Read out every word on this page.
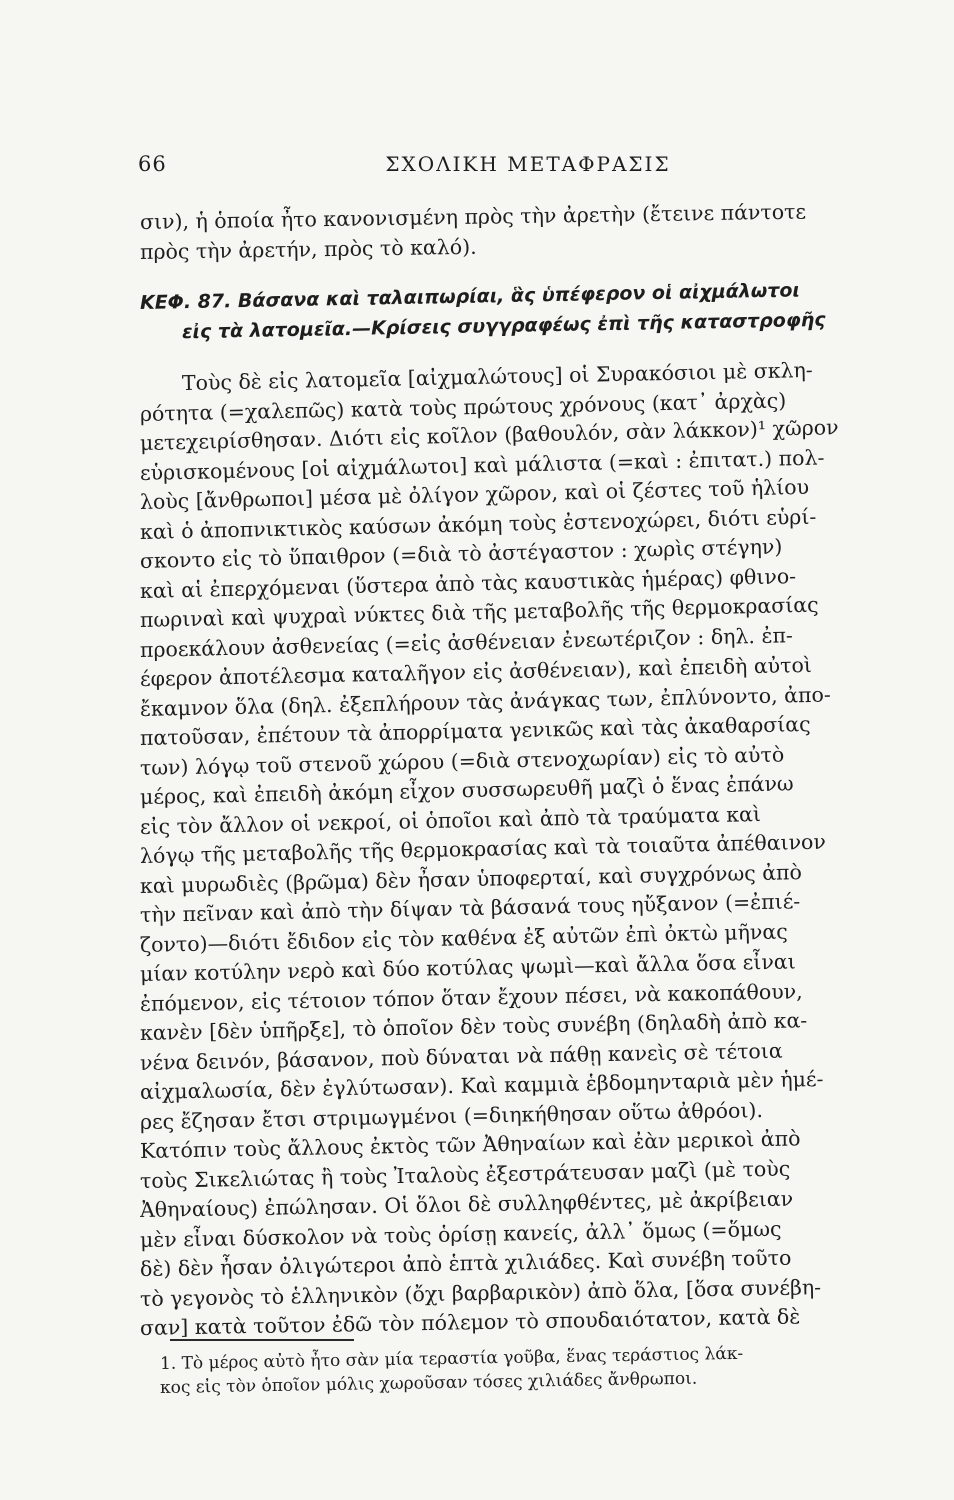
66	ΣΧΟΛΙΚΗ ΜΕΤΑΦΡΑΣΙΣ
σιν), ἡ ὁποία ἦτο κανονισμένη πρὸς τὴν ἀρετὴν (ἔτεινε πάντοτε
πρὸς τὴν ἀρετήν, πρὸς τὸ καλό).
ΚΕΦ. 87. Βάσανα καὶ ταλαιπωρίαι, ἃς ὑπέφερον οἱ αἰχμάλωτοι
εἰς τὰ λατομεῖα.—Κρίσεις συγγραφέως ἐπὶ τῆς καταστροφῆς
Τοὺς δὲ εἰς λατομεῖα [αἰχμαλώτους] οἱ Συρακόσιοι μὲ σκλη-
ρότητα (=χαλεπῶς) κατὰ τοὺς πρώτους χρόνους (κατ᾽ ἀρχὰς)
μετεχειρίσθησαν. Διότι εἰς κοῖλον (βαθουλόν, σὰν λάκκον)¹ χῶρον
εὑρισκομένους [οἱ αἰχμάλωτοι] καὶ μάλιστα (=καὶ : ἐπιτατ.) πολ-
λοὺς [ἄνθρωποι] μέσα μὲ ὀλίγον χῶρον, καὶ οἱ ζέστες τοῦ ἡλίου
καὶ ὁ ἀποπνικτικὸς καύσων ἀκόμη τοὺς ἐστενοχώρει, διότι εὑρί-
σκοντο εἰς τὸ ὕπαιθρον (=διὰ τὸ ἀστέγαστον : χωρὶς στέγην)
καὶ αἱ ἐπερχόμεναι (ὕστερα ἀπὸ τὰς καυστικὰς ἡμέρας) φθινο-
πωριναὶ καὶ ψυχραὶ νύκτες διὰ τῆς μεταβολῆς τῆς θερμοκρασίας
προεκάλουν ἀσθενείας (=εἰς ἀσθένειαν ἐνεωτέριζον : δηλ. ἐπ-
έφερον ἀποτέλεσμα καταλῆγον εἰς ἀσθένειαν), καὶ ἐπειδὴ αὐτοὶ
ἔκαμνον ὅλα (δηλ. ἐξεπλήρουν τὰς ἀνάγκας των, ἐπλύνοντο, ἀπο-
πατοῦσαν, ἐπέτουν τὰ ἀπορρίματα γενικῶς καὶ τὰς ἀκαθαρσίας
των) λόγῳ τοῦ στενοῦ χώρου (=διὰ στενοχωρίαν) εἰς τὸ αὐτὸ
μέρος, καὶ ἐπειδὴ ἀκόμη εἶχον συσσωρευθῆ μαζὶ ὁ ἕνας ἐπάνω
εἰς τὸν ἄλλον οἱ νεκροί, οἱ ὁποῖοι καὶ ἀπὸ τὰ τραύματα καὶ
λόγῳ τῆς μεταβολῆς τῆς θερμοκρασίας καὶ τὰ τοιαῦτα ἀπέθαινον
καὶ μυρωδιὲς (βρῶμα) δὲν ἦσαν ὑποφερταί, καὶ συγχρόνως ἀπὸ
τὴν πεῖναν καὶ ἀπὸ τὴν δίψαν τὰ βάσανά τους ηὔξανον (=ἐπιέ-
ζοντο)—διότι ἔδιδον εἰς τὸν καθένα ἐξ αὐτῶν ἐπὶ ὀκτὼ μῆνας
μίαν κοτύλην νερὸ καὶ δύο κοτύλας ψωμὶ—καὶ ἄλλα ὅσα εἶναι
ἐπόμενον, εἰς τέτοιον τόπον ὅταν ἔχουν πέσει, νὰ κακοπάθουν,
κανὲν [δὲν ὑπῆρξε], τὸ ὁποῖον δὲν τοὺς συνέβη (δηλαδὴ ἀπὸ κα-
νένα δεινόν, βάσανον, ποὺ δύναται νὰ πάθῃ κανεὶς σὲ τέτοια
αἰχμαλωσία, δὲν ἐγλύτωσαν). Καὶ καμμιὰ ἑβδομηνταριὰ μὲν ἡμέ-
ρες ἔζησαν ἔτσι στριμωγμένοι (=διηκήθησαν οὕτω ἀθρόοι).
Κατόπιν τοὺς ἄλλους ἐκτὸς τῶν Ἀθηναίων καὶ ἐὰν μερικοὶ ἀπὸ
τοὺς Σικελιώτας ἢ τοὺς Ἰταλοὺς ἐξεστράτευσαν μαζὶ (μὲ τοὺς
Ἀθηναίους) ἐπώλησαν. Οἱ ὅλοι δὲ συλληφθέντες, μὲ ἀκρίβειαν
μὲν εἶναι δύσκολον νὰ τοὺς ὁρίσῃ κανείς, ἀλλ᾽ ὅμως (=ὅμως
δὲ) δὲν ἦσαν ὀλιγώτεροι ἀπὸ ἑπτὰ χιλιάδες. Καὶ συνέβη τοῦτο
τὸ γεγονὸς τὸ ἑλληνικὸν (ὄχι βαρβαρικὸν) ἀπὸ ὅλα, [ὅσα συνέβη-
σαν] κατὰ τοῦτον ἐδῶ τὸν πόλεμον τὸ σπουδαιότατον, κατὰ δὲ
1. Τὸ μέρος αὐτὸ ἦτο σὰν μία τεραστία γοῦβα, ἕνας τεράστιος λάκ-
κος εἰς τὸν ὁποῖον μόλις χωροῦσαν τόσες χιλιάδες ἄνθρωποι.
